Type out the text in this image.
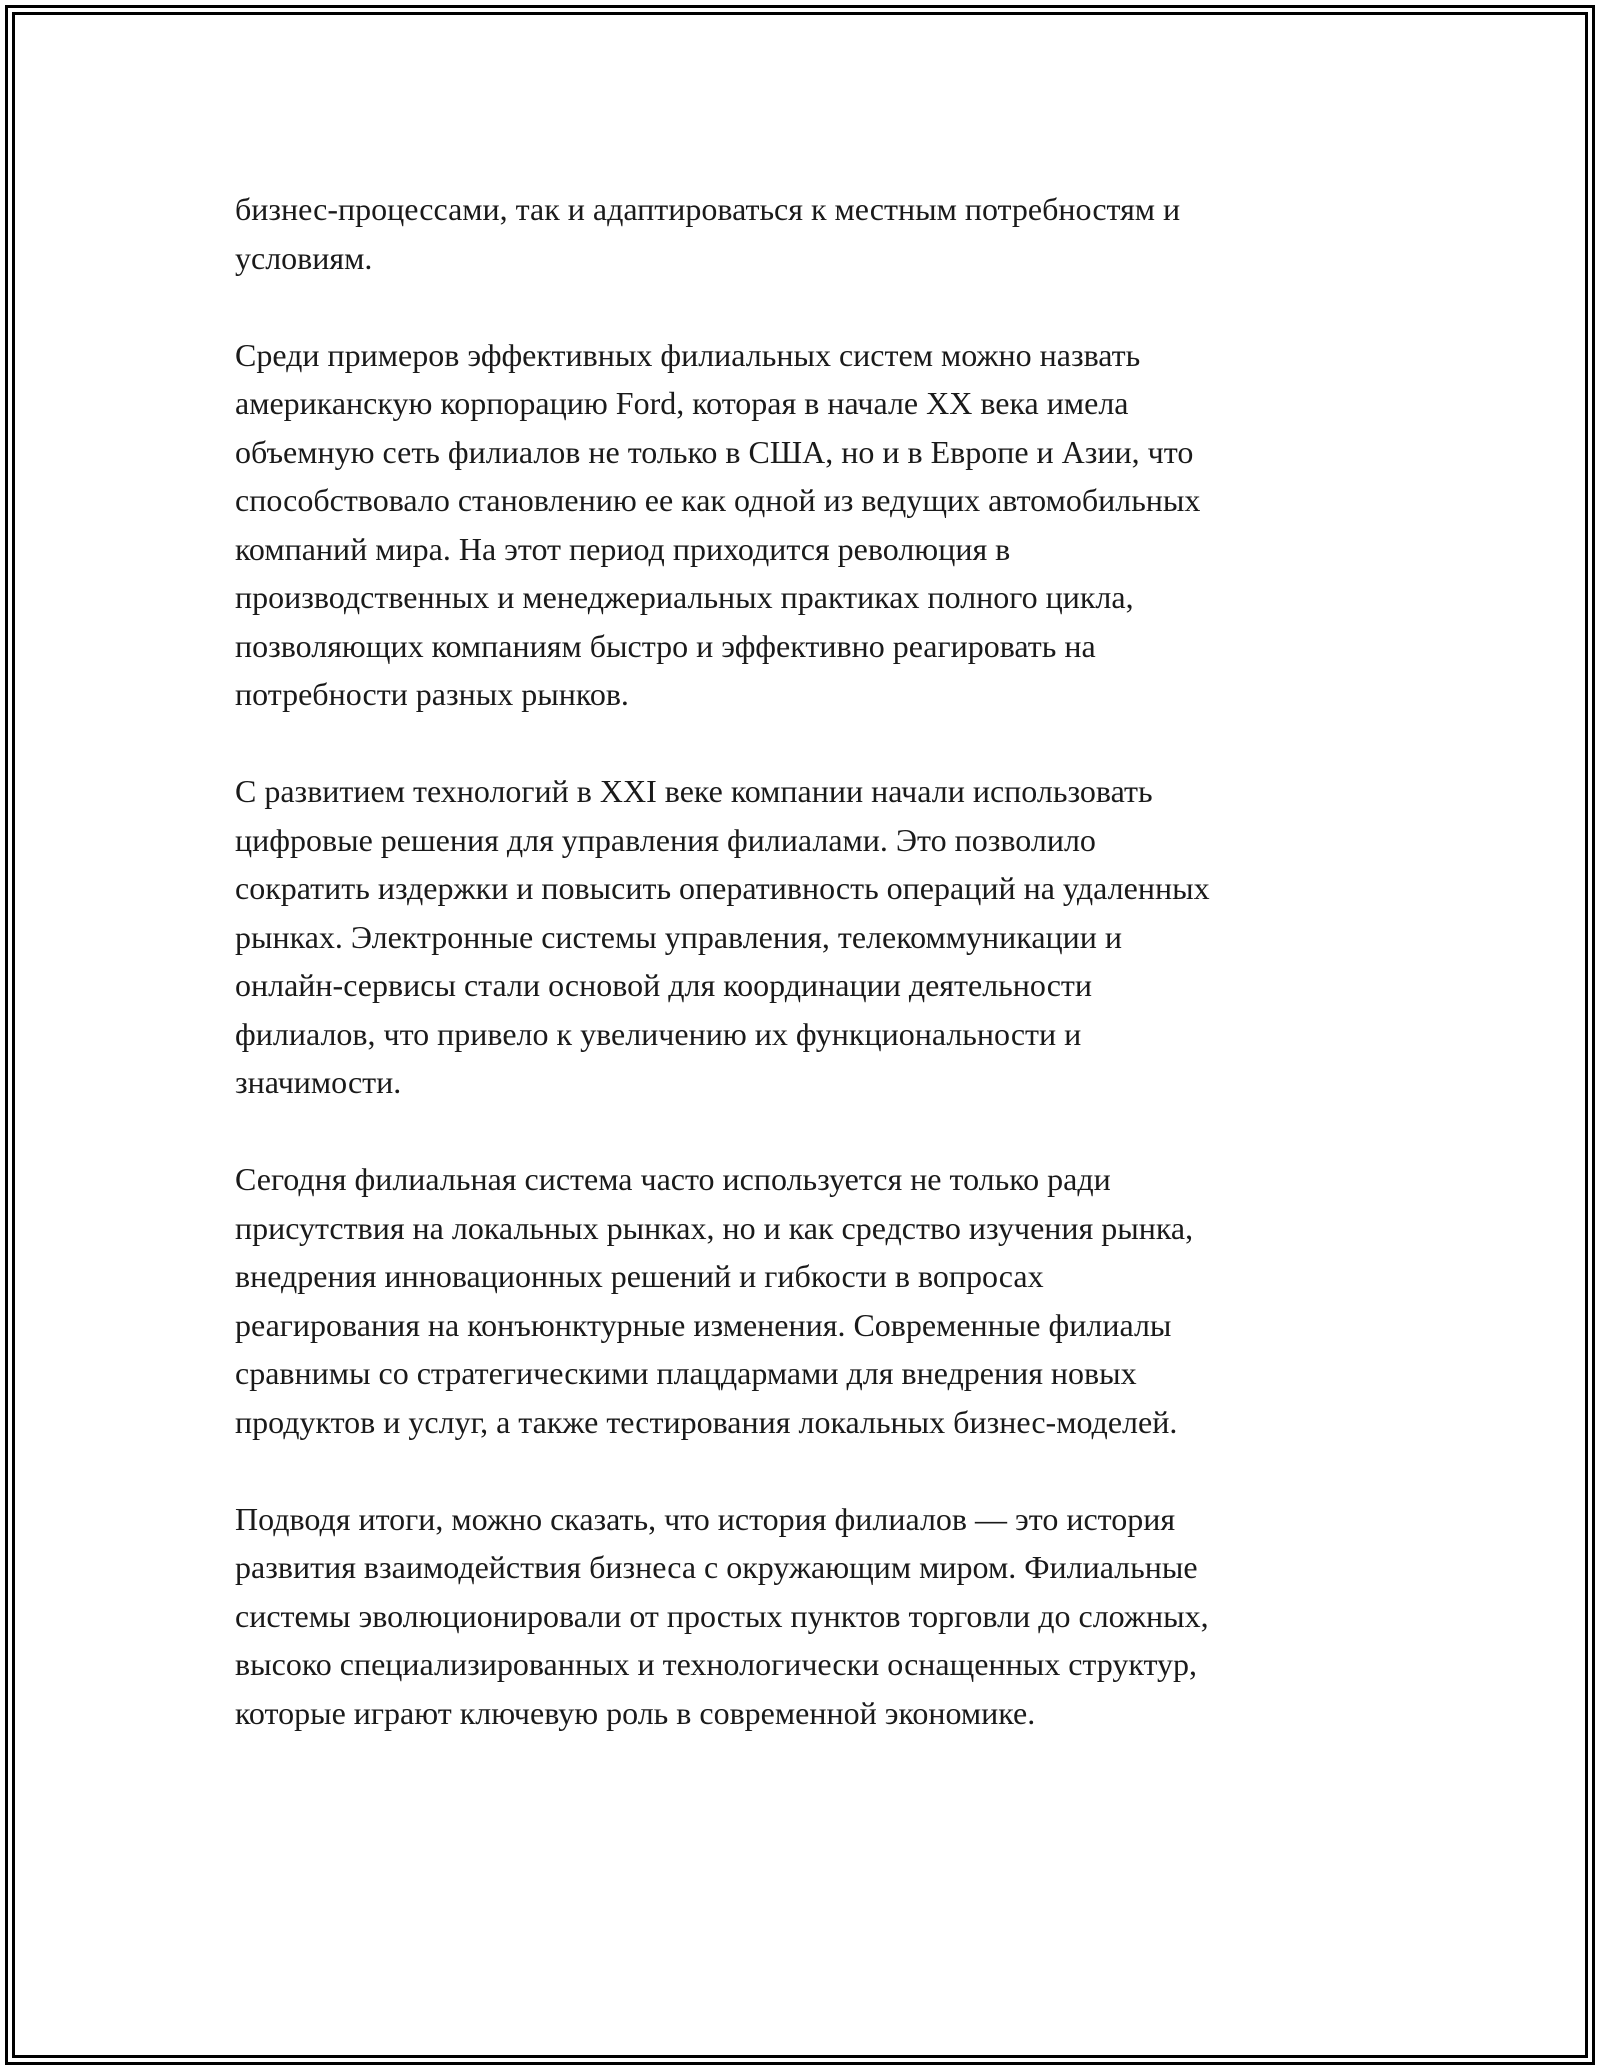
бизнес-процессами, так и адаптироваться к местным потребностям и
условиям.

Среди примеров эффективных филиальных систем можно назвать
американскую корпорацию Ford, которая в начале XX века имела
объемную сеть филиалов не только в США, но и в Европе и Азии, что
способствовало становлению ее как одной из ведущих автомобильных
компаний мира. На этот период приходится революция в
производственных и менеджериальных практиках полного цикла,
позволяющих компаниям быстро и эффективно реагировать на
потребности разных рынков.

С развитием технологий в XXI веке компании начали использовать
цифровые решения для управления филиалами. Это позволило
сократить издержки и повысить оперативность операций на удаленных
рынках. Электронные системы управления, телекоммуникации и
онлайн-сервисы стали основой для координации деятельности
филиалов, что привело к увеличению их функциональности и
значимости.

Сегодня филиальная система часто используется не только ради
присутствия на локальных рынках, но и как средство изучения рынка,
внедрения инновационных решений и гибкости в вопросах
реагирования на конъюнктурные изменения. Современные филиалы
сравнимы со стратегическими плацдармами для внедрения новых
продуктов и услуг, а также тестирования локальных бизнес-моделей.

Подводя итоги, можно сказать, что история филиалов — это история
развития взаимодействия бизнеса с окружающим миром. Филиальные
системы эволюционировали от простых пунктов торговли до сложных,
высоко специализированных и технологически оснащенных структур,
которые играют ключевую роль в современной экономике.
